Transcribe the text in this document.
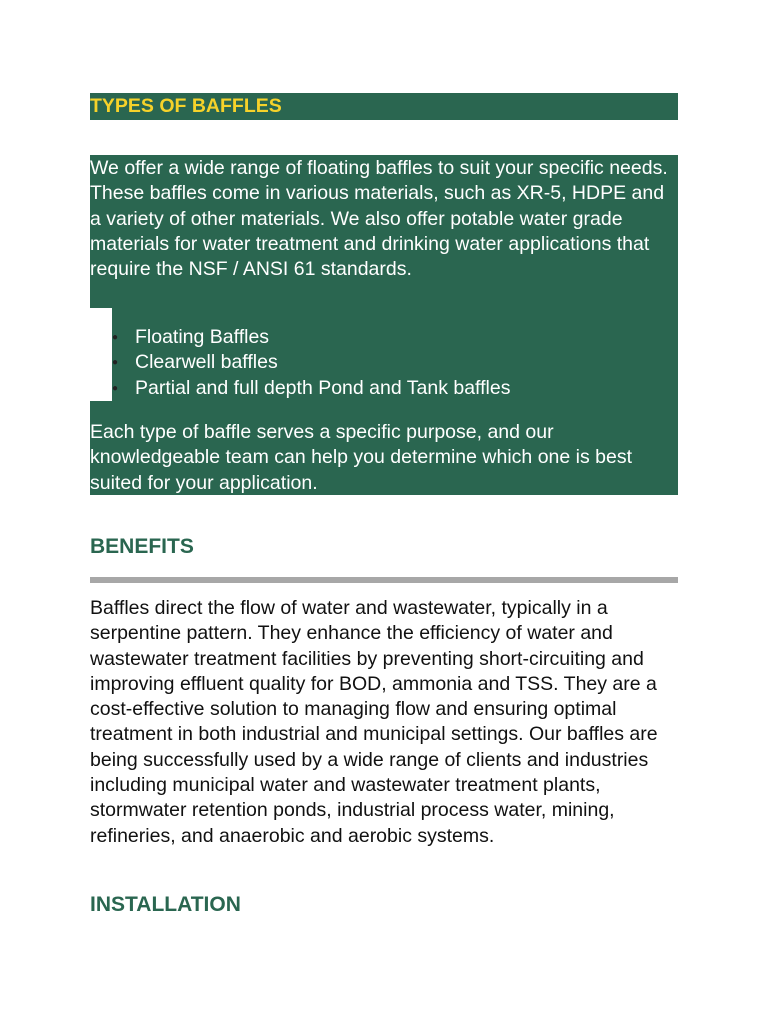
TYPES OF BAFFLES

We offer a wide range of floating baffles to suit your specific needs. These baffles come in various materials, such as XR-5, HDPE and a variety of other materials. We also offer potable water grade materials for water treatment and drinking water applications that require the NSF / ANSI 61 standards.

● Floating Baffles
● Clearwell baffles
● Partial and full depth Pond and Tank baffles

Each type of baffle serves a specific purpose, and our knowledgeable team can help you determine which one is best suited for your application.

BENEFITS

Baffles direct the flow of water and wastewater, typically in a serpentine pattern. They enhance the efficiency of water and wastewater treatment facilities by preventing short-circuiting and improving effluent quality for BOD, ammonia and TSS. They are a cost-effective solution to managing flow and ensuring optimal treatment in both industrial and municipal settings. Our baffles are being successfully used by a wide range of clients and industries including municipal water and wastewater treatment plants, stormwater retention ponds, industrial process water, mining, refineries, and anaerobic and aerobic systems.

INSTALLATION
